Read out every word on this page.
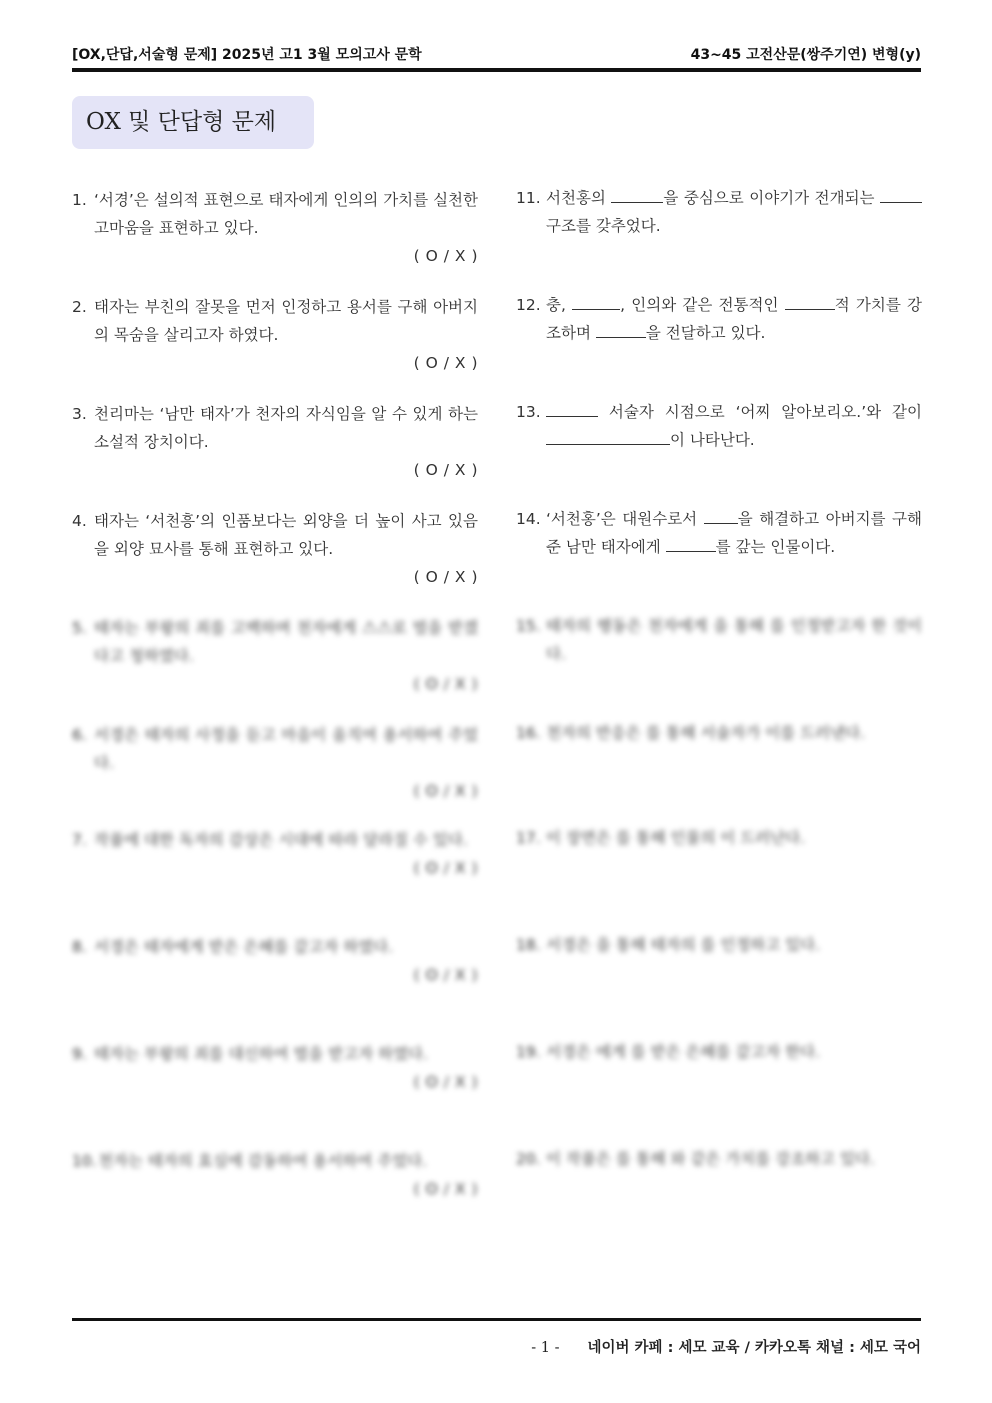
[OX,단답,서술형 문제] 2025년 고1 3월 모의고사 문학	43~45 고전산문(쌍주기연) 변형(y)
OX 및 단답형 문제
1. ‘서경’은 설의적 표현으로 태자에게 인의의 가치를 실천한 고마움을 표현하고 있다.
( O / X )
2. 태자는 부친의 잘못을 먼저 인정하고 용서를 구해 아버지의 목숨을 살리고자 하였다.
( O / X )
3. 천리마는 ‘남만 태자’가 천자의 자식임을 알 수 있게 하는 소설적 장치이다.
( O / X )
4. 태자는 ‘서천흥’의 인품보다는 외양을 더 높이 사고 있음을 외양 묘사를 통해 표현하고 있다.
( O / X )
5. 태자는 부왕의 죄를 고백하며 천자에게 스스로 벌을 받겠다고 청하였다.
( O / X )
6. 서경은 태자의 사정을 듣고 마음이 움직여 용서하여 주었다.
( O / X )
7. 작품에 대한 독자의 감상은 시대에 따라 달라질 수 있다.
( O / X )
8. 서경은 태자에게 받은 은혜를 갚고자 하였다.
( O / X )
9. 태자는 부왕의 죄를 대신하여 벌을 받고자 하였다.
( O / X )
10. 천자는 태자의 효심에 감동하여 용서하여 주었다.
( O / X )
11. 서천홍의	을 중심으로 이야기가 전개되는  구조를 갖추었다.
12. 충,	, 인의와 같은 전통적인	적 가치를 강조하며	을 전달하고 있다.
13.	서술자 시점으로 ‘어찌 알아보리오.’와 같이 이 나타난다.
14. ‘서천홍’은 대원수로서 을 해결하고 아버지를 구해 준 남만 태자에게	를 갚는 인물이다.
15. 태자의 행동은 천자에게 을 통해 를 인정받고자 한 것이다.
16. 천자의 반응은 를 통해 서술자가 이를 드러낸다.
17. 이 장면은 를 통해 인물의 이 드러난다.
18. 서경은 을 통해 태자의 를 인정하고 있다.
19. 서경은 에게 를 받은 은혜를 갚고자 한다.
20. 이 작품은 를 통해 와 같은 가치를 강조하고 있다.
- 1 - 네이버 카페 : 세모 교육 / 카카오톡 채널 : 세모 국어
